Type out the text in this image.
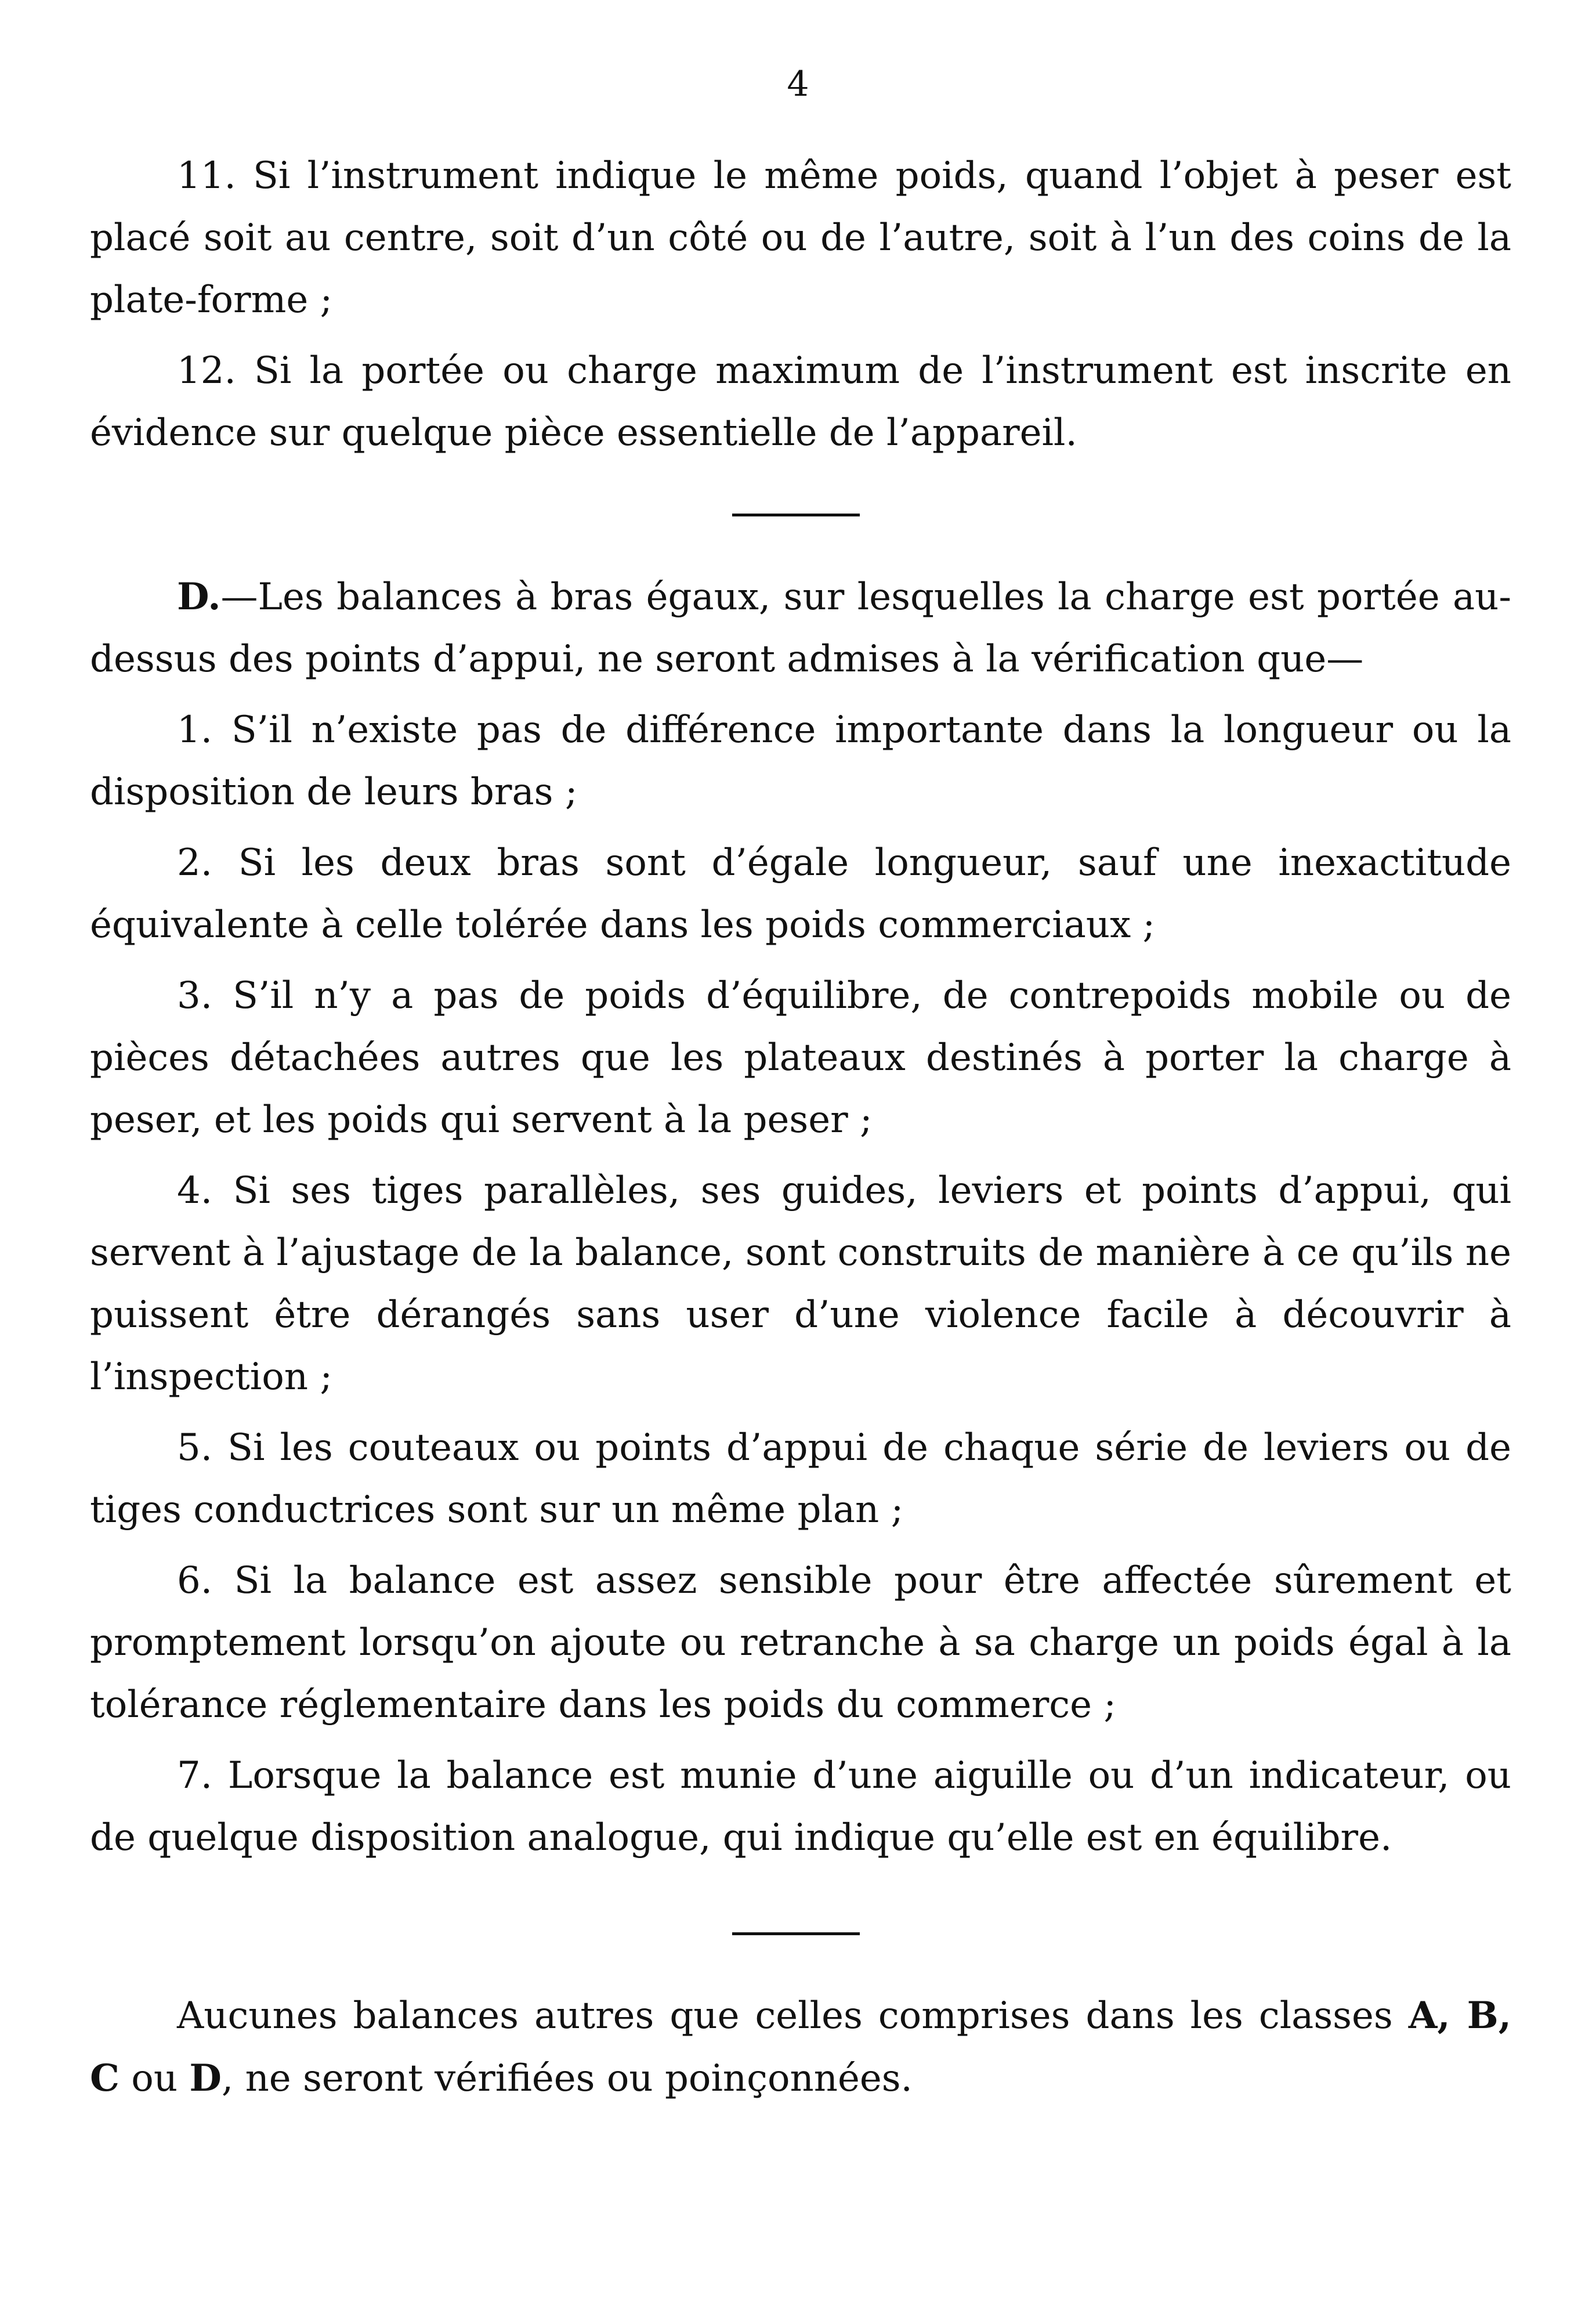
4

11. Si l’instrument indique le même poids, quand l’objet à peser est placé soit au centre, soit d’un côté ou de l’autre, soit à l’un des coins de la plate-forme ;

12. Si la portée ou charge maximum de l’instrument est inscrite en évidence sur quelque pièce essentielle de l’appareil.

D.—Les balances à bras égaux, sur lesquelles la charge est portée au-dessus des points d’appui, ne seront admises à la vérification que—

1. S’il n’existe pas de différence importante dans la longueur ou la disposition de leurs bras ;

2. Si les deux bras sont d’égale longueur, sauf une inexactitude équivalente à celle tolérée dans les poids commerciaux ;

3. S’il n’y a pas de poids d’équilibre, de contrepoids mobile ou de pièces détachées autres que les plateaux destinés à porter la charge à peser, et les poids qui servent à la peser ;

4. Si ses tiges parallèles, ses guides, leviers et points d’appui, qui servent à l’ajustage de la balance, sont construits de manière à ce qu’ils ne puissent être dérangés sans user d’une violence facile à découvrir à l’inspection ;

5. Si les couteaux ou points d’appui de chaque série de leviers ou de tiges conductrices sont sur un même plan ;

6. Si la balance est assez sensible pour être affectée sûrement et promptement lorsqu’on ajoute ou retranche à sa charge un poids égal à la tolérance réglementaire dans les poids du commerce ;

7. Lorsque la balance est munie d’une aiguille ou d’un indicateur, ou de quelque disposition analogue, qui indique qu’elle est en équilibre.

Aucunes balances autres que celles comprises dans les classes A, B, C ou D, ne seront vérifiées ou poinçonnées.
